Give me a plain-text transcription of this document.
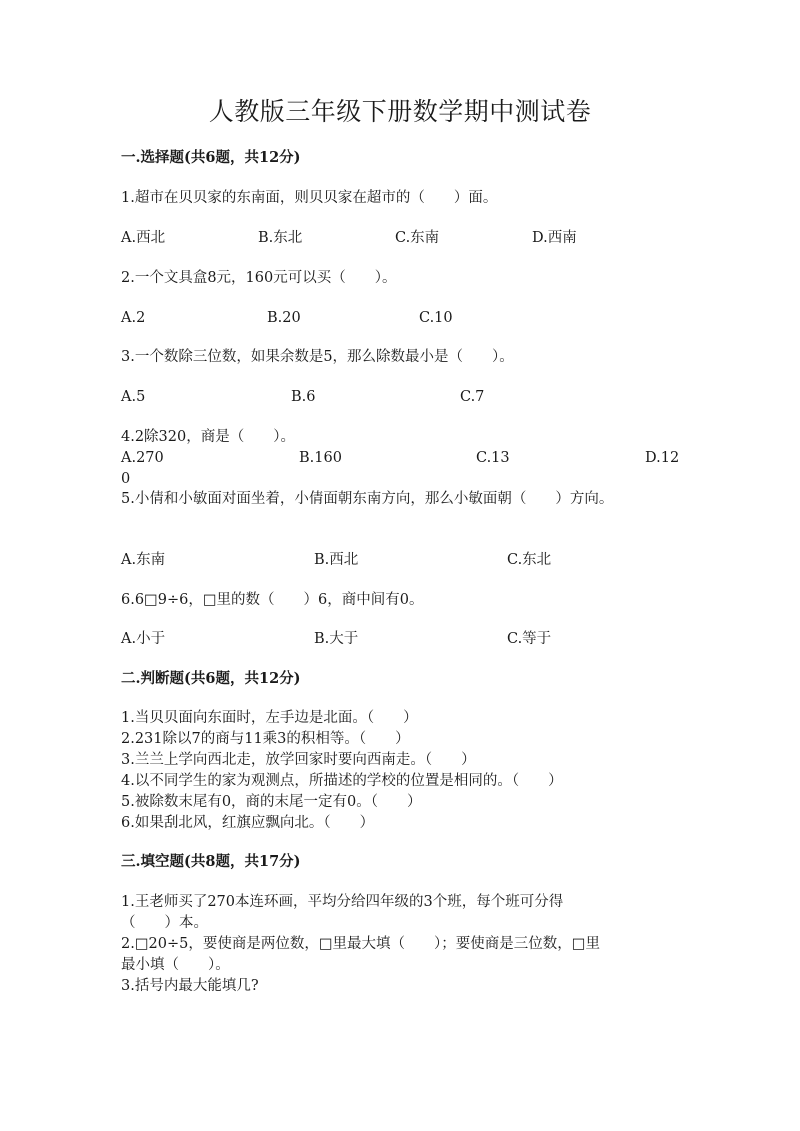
人教版三年级下册数学期中测试卷
一.选择题(共6题，共12分)
1.超市在贝贝家的东南面，则贝贝家在超市的（　　）面。
A.西北	B.东北	C.东南	D.西南
2.一个文具盒8元，160元可以买（　　）。
A.2	B.20	C.10
3.一个数除三位数，如果余数是5，那么除数最小是（　　）。
A.5	B.6	C.7
4.2除320，商是（　　）。
A.270	B.160	C.13	D.12
0
5.小倩和小敏面对面坐着，小倩面朝东南方向，那么小敏面朝（　　）方向。
A.东南	B.西北	C.东北
6.6□9÷6，□里的数（　　）6，商中间有0。
A.小于	B.大于	C.等于
二.判断题(共6题，共12分)
1.当贝贝面向东面时，左手边是北面。（　　）
2.231除以7的商与11乘3的积相等。（　　）
3.兰兰上学向西北走，放学回家时要向西南走。（　　）
4.以不同学生的家为观测点，所描述的学校的位置是相同的。（　　）
5.被除数末尾有0，商的末尾一定有0。（　　）
6.如果刮北风，红旗应飘向北。（　　）
三.填空题(共8题，共17分)
1.王老师买了270本连环画，平均分给四年级的3个班，每个班可分得
（　　）本。
2.□20÷5，要使商是两位数，□里最大填（　　）；要使商是三位数，□里
最小填（　　）。
3.括号内最大能填几?
